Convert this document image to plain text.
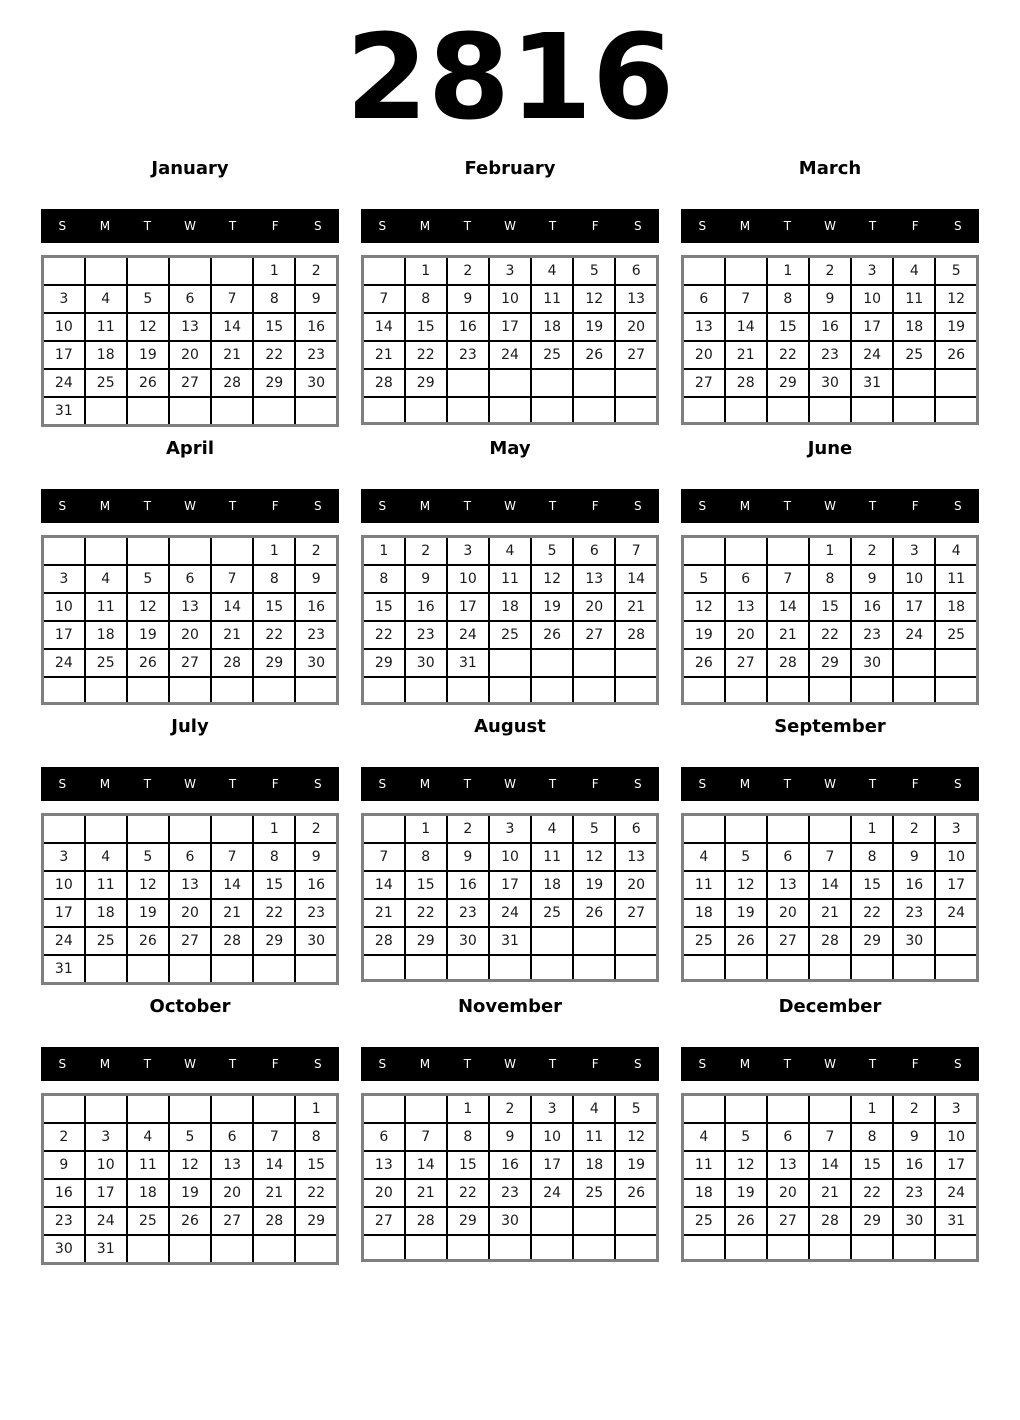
2816
January
S	M	T	W	T	F	S
					1	2
3	4	5	6	7	8	9
10	11	12	13	14	15	16
17	18	19	20	21	22	23
24	25	26	27	28	29	30
31						
February
S	M	T	W	T	F	S
	1	2	3	4	5	6
7	8	9	10	11	12	13
14	15	16	17	18	19	20
21	22	23	24	25	26	27
28	29					

March
S	M	T	W	T	F	S
		1	2	3	4	5
6	7	8	9	10	11	12
13	14	15	16	17	18	19
20	21	22	23	24	25	26
27	28	29	30	31		

April
S	M	T	W	T	F	S
					1	2
3	4	5	6	7	8	9
10	11	12	13	14	15	16
17	18	19	20	21	22	23
24	25	26	27	28	29	30

May
S	M	T	W	T	F	S
1	2	3	4	5	6	7
8	9	10	11	12	13	14
15	16	17	18	19	20	21
22	23	24	25	26	27	28
29	30	31				

June
S	M	T	W	T	F	S
			1	2	3	4
5	6	7	8	9	10	11
12	13	14	15	16	17	18
19	20	21	22	23	24	25
26	27	28	29	30		

July
S	M	T	W	T	F	S
					1	2
3	4	5	6	7	8	9
10	11	12	13	14	15	16
17	18	19	20	21	22	23
24	25	26	27	28	29	30
31						
August
S	M	T	W	T	F	S
	1	2	3	4	5	6
7	8	9	10	11	12	13
14	15	16	17	18	19	20
21	22	23	24	25	26	27
28	29	30	31			

September
S	M	T	W	T	F	S
				1	2	3
4	5	6	7	8	9	10
11	12	13	14	15	16	17
18	19	20	21	22	23	24
25	26	27	28	29	30	

October
S	M	T	W	T	F	S
						1
2	3	4	5	6	7	8
9	10	11	12	13	14	15
16	17	18	19	20	21	22
23	24	25	26	27	28	29
30	31					
November
S	M	T	W	T	F	S
		1	2	3	4	5
6	7	8	9	10	11	12
13	14	15	16	17	18	19
20	21	22	23	24	25	26
27	28	29	30			

December
S	M	T	W	T	F	S
				1	2	3
4	5	6	7	8	9	10
11	12	13	14	15	16	17
18	19	20	21	22	23	24
25	26	27	28	29	30	31
